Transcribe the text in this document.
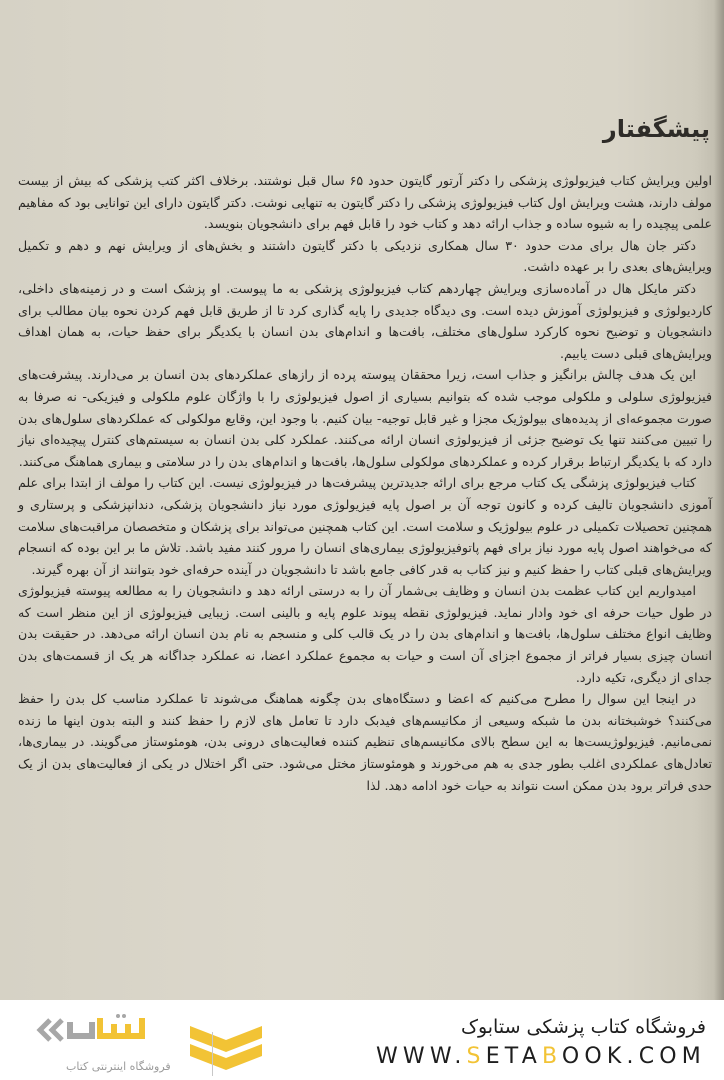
پیشگفتار

اولین ویرایش کتاب فیزیولوژی پزشکی را دکتر آرتور گایتون حدود ۶۵ سال قبل نوشتند. برخلاف اکثر کتب پزشکی که بیش از بیست مولف دارند، هشت ویرایش اول کتاب فیزیولوژی پزشکی را دکتر گایتون به تنهایی نوشت. دکتر گایتون دارای این توانایی بود که مفاهیم علمی پیچیده را به شیوه ساده و جذاب ارائه دهد و کتاب خود را قابل فهم برای دانشجویان بنویسد.

دکتر جان هال برای مدت حدود ۳۰ سال همکاری نزدیکی با دکتر گایتون داشتند و بخش‌های از ویرایش نهم و دهم و تکمیل ویرایش‌های بعدی را بر عهده داشت.

دکتر مایکل هال در آماده‌سازی ویرایش چهاردهم کتاب فیزیولوژی پزشکی به ما پیوست. او پزشک است و در زمینه‌های داخلی، کاردیولوژی و فیزیولوژی آموزش دیده است. وی دیدگاه جدیدی را پایه گذاری کرد تا از طریق قابل فهم کردن نحوه بیان مطالب برای دانشجویان و توضیح نحوه کارکرد سلول‌های مختلف، بافت‌ها و اندام‌های بدن انسان با یکدیگر برای حفظ حیات، به همان اهداف ویرایش‌های قبلی دست یابیم.

این یک هدف چالش برانگیز و جذاب است، زیرا محققان پیوسته پرده از رازهای عملکردهای بدن انسان بر می‌دارند. پیشرفت‌های فیزیولوژی سلولی و ملکولی موجب شده که بتوانیم بسیاری از اصول فیزیولوژی را با واژگان علوم ملکولی و فیزیکی- نه صرفا به صورت مجموعه‌ای از پدیده‌های بیولوژیک مجزا و غیر قابل توجیه- بیان کنیم. با وجود این، وقایع مولکولی که عملکردهای سلول‌های بدن را تبیین می‌کنند تنها یک توضیح جزئی از فیزیولوژی انسان ارائه می‌کنند. عملکرد کلی بدن انسان به سیستم‌های کنترل پیچیده‌ای نیاز دارد که با یکدیگر ارتباط برقرار کرده و عملکردهای مولکولی سلول‌ها، بافت‌ها و اندام‌های بدن را در سلامتی و بیماری هماهنگ می‌کنند.

کتاب فیزیولوژی پزشگی یک کتاب مرجع برای ارائه جدیدترین پیشرفت‌ها در فیزیولوژی نیست. این کتاب را مولف از ابتدا برای علم آموزی دانشجویان تالیف کرده و کانون توجه آن بر اصول پایه فیزیولوژی مورد نیاز دانشجویان پزشکی، دندانپزشکی و پرستاری و همچنین تحصیلات تکمیلی در علوم بیولوژیک و سلامت است. این کتاب همچنین می‌تواند برای پزشکان و متخصصان مراقبت‌های سلامت که می‌خواهند اصول پایه مورد نیاز برای فهم پاتوفیزیولوژی بیماری‌های انسان را مرور کنند مفید باشد. تلاش ما بر این بوده که انسجام ویرایش‌های قبلی کتاب را حفظ کنیم و نیز کتاب به قدر کافی جامع باشد تا دانشجویان در آینده حرفه‌ای خود بتوانند از آن بهره گیرند.

امیدواریم این کتاب عظمت بدن انسان و وظایف بی‌شمار آن را به درستی ارائه دهد و دانشجویان را به مطالعه پیوسته فیزیولوژی در طول حیات حرفه ای خود وادار نماید. فیزیولوژی نقطه پیوند علوم پایه و بالینی است. زیبایی فیزیولوژی از این منظر است که وظایف انواع مختلف سلول‌ها، بافت‌ها و اندام‌های بدن را در یک قالب کلی و منسجم به نام بدن انسان ارائه می‌دهد. در حقیقت بدن انسان چیزی بسیار فراتر از مجموع اجزای آن است و حیات به مجموع عملکرد اعضا، نه عملکرد جداگانه هر یک از قسمت‌های بدن جدای از دیگری، تکیه دارد.

در اینجا این سوال را مطرح می‌کنیم که اعضا و دستگاه‌های بدن چگونه هماهنگ می‌شوند تا عملکرد مناسب کل بدن را حفظ می‌کنند؟ خوشبختانه بدن ما شبکه وسیعی از مکانیسم‌های فیدبک دارد تا تعامل های لازم را حفظ کنند و البته بدون اینها ما زنده نمی‌مانیم. فیزیولوژیست‌ها به این سطح بالای مکانیسم‌های تنظیم کننده فعالیت‌های درونی بدن، هومئوستاز می‌گویند. در بیماری‌ها، تعادل‌های عملکردی اغلب بطور جدی به هم می‌خورند و هومئوستاز مختل می‌شود. حتی اگر اختلال در یکی از فعالیت‌های بدن از یک حدی فراتر برود بدن ممکن است نتواند به حیات خود ادامه دهد. لذا

فروشگاه اینترنتی کتاب
فروشگاه کتاب پزشکی ستابوک
WWW.SETABOOK.COM
